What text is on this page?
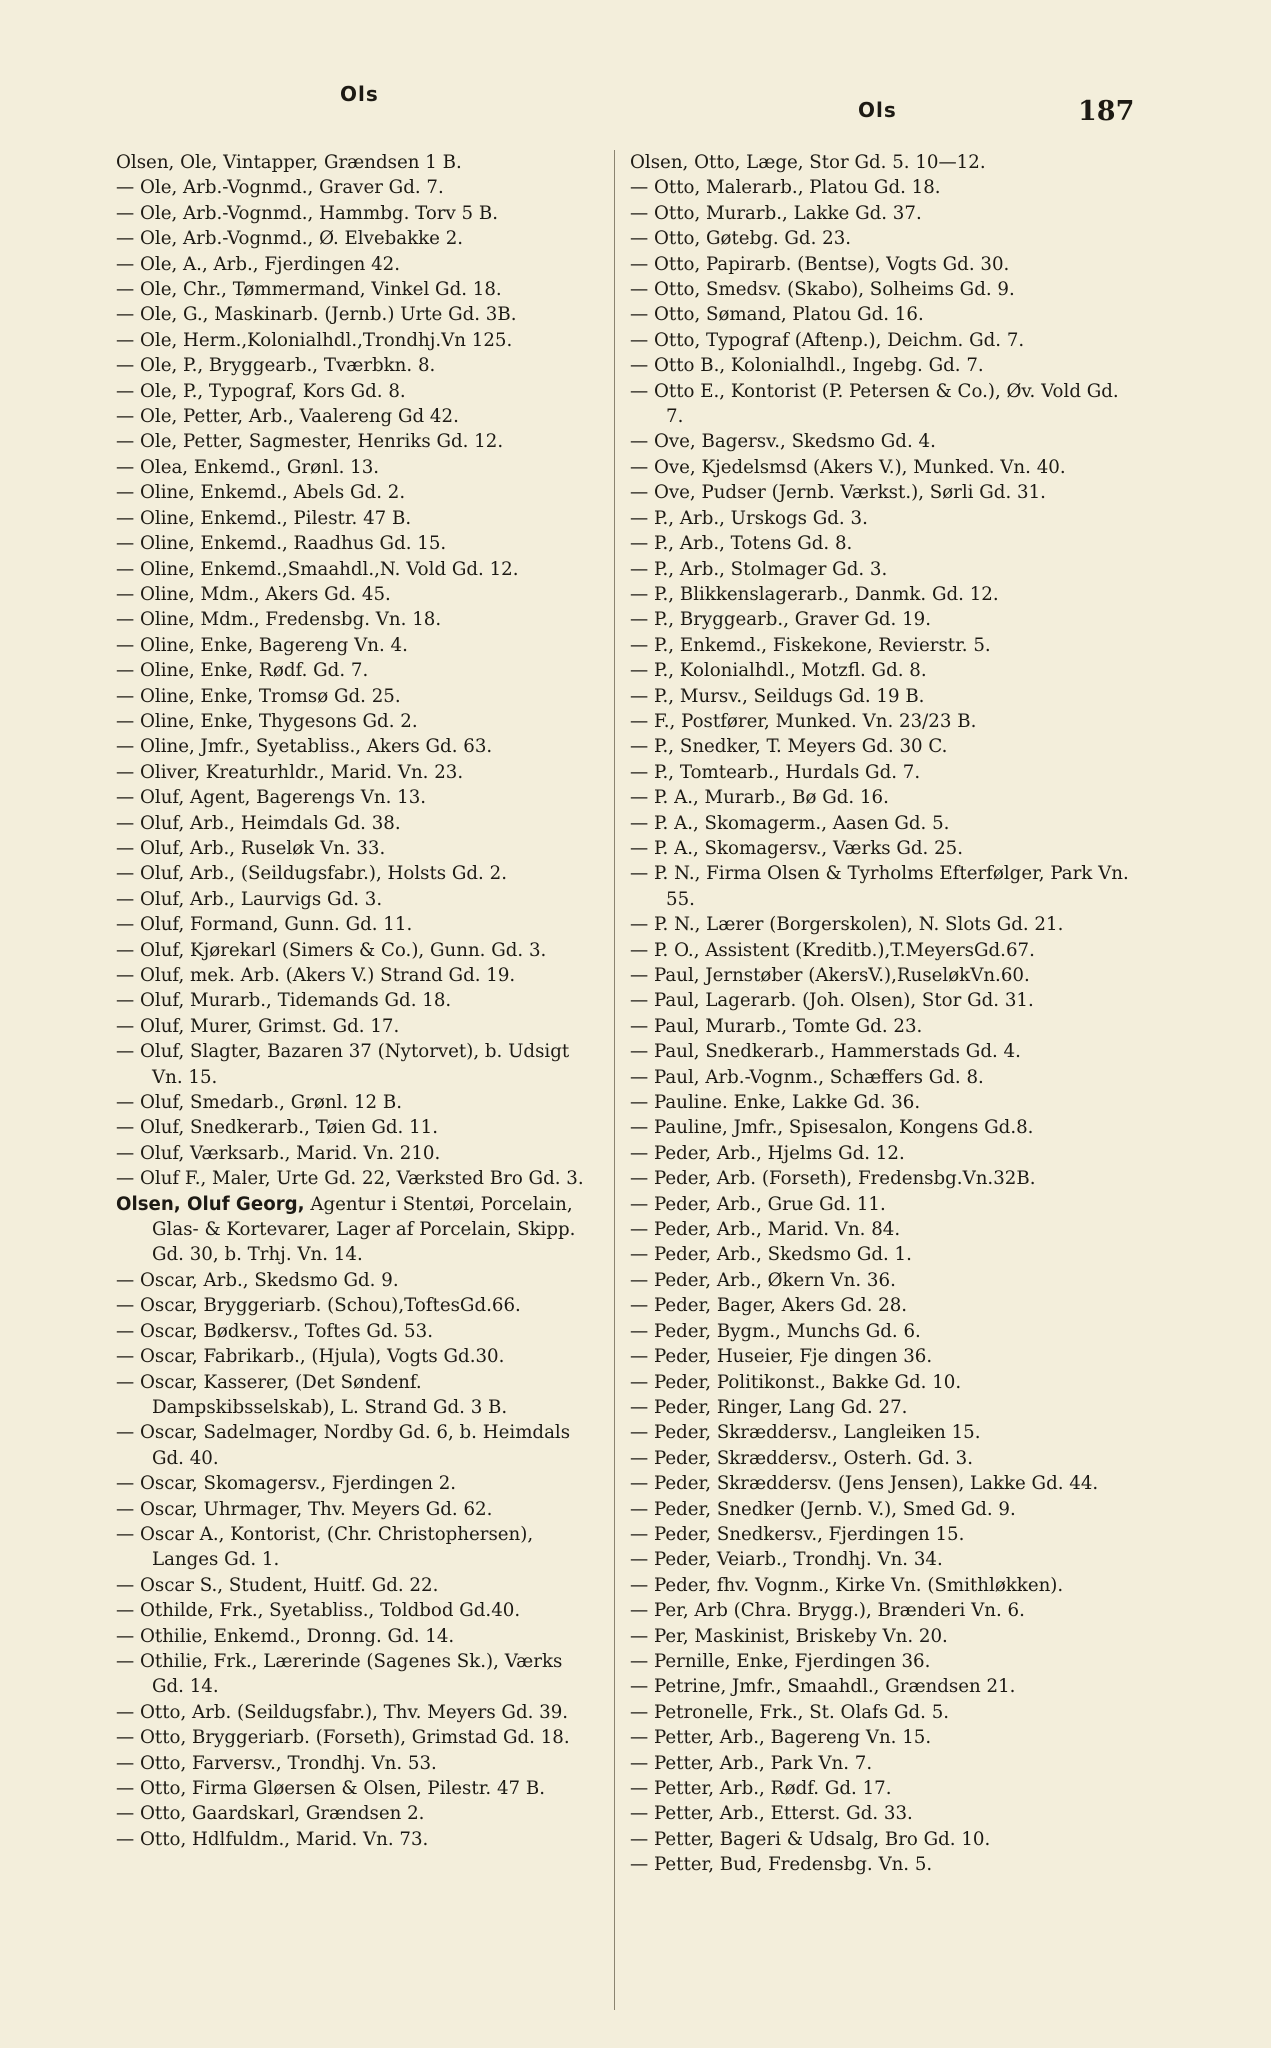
Ols
Ols	187

Olsen, Ole, Vintapper, Grændsen 1 B.

— Ole, Arb.-Vognmd., Graver Gd. 7.

— Ole, Arb.-Vognmd., Hammbg. Torv 5 B.

— Ole, Arb.-Vognmd., Ø. Elvebakke 2.

— Ole, A., Arb., Fjerdingen 42.

— Ole, Chr., Tømmermand, Vinkel Gd. 18.

— Ole, G., Maskinarb. (Jernb.) Urte Gd. 3B.

— Ole, Herm.,Kolonialhdl.,Trondhj.Vn 125.

— Ole, P., Bryggearb., Tværbkn. 8.

— Ole, P., Typograf, Kors Gd. 8.

— Ole, Petter, Arb., Vaalereng Gd 42.

— Ole, Petter, Sagmester, Henriks Gd. 12.

— Olea, Enkemd., Grønl. 13.

— Oline, Enkemd., Abels Gd. 2.

— Oline, Enkemd., Pilestr. 47 B.

— Oline, Enkemd., Raadhus Gd. 15.

— Oline, Enkemd.,Smaahdl.,N. Vold Gd. 12.

— Oline, Mdm., Akers Gd. 45.

— Oline, Mdm., Fredensbg. Vn. 18.

— Oline, Enke, Bagereng Vn. 4.

— Oline, Enke, Rødf. Gd. 7.

— Oline, Enke, Tromsø Gd. 25.

— Oline, Enke, Thygesons Gd. 2.

— Oline, Jmfr., Syetabliss., Akers Gd. 63.

— Oliver, Kreaturhldr., Marid. Vn. 23.

— Oluf, Agent, Bagerengs Vn. 13.

— Oluf, Arb., Heimdals Gd. 38.

— Oluf, Arb., Ruseløk Vn. 33.

— Oluf, Arb., (Seildugsfabr.), Holsts Gd. 2.

— Oluf, Arb., Laurvigs Gd. 3.

— Oluf, Formand, Gunn. Gd. 11.

— Oluf, Kjørekarl (Simers & Co.), Gunn. Gd. 3.

— Oluf, mek. Arb. (Akers V.) Strand Gd. 19.

— Oluf, Murarb., Tidemands Gd. 18.

— Oluf, Murer, Grimst. Gd. 17.

— Oluf, Slagter, Bazaren 37 (Nytorvet), b. Udsigt Vn. 15.

— Oluf, Smedarb., Grønl. 12 B.

— Oluf, Snedkerarb., Tøien Gd. 11.

— Oluf, Værksarb., Marid. Vn. 210.

— Oluf F., Maler, Urte Gd. 22, Værksted Bro Gd. 3.

Olsen, Oluf Georg, Agentur i Stentøi, Porcelain, Glas- & Kortevarer, Lager af Porcelain, Skipp. Gd. 30, b. Trhj. Vn. 14.

— Oscar, Arb., Skedsmo Gd. 9.

— Oscar, Bryggeriarb. (Schou),ToftesGd.66.

— Oscar, Bødkersv., Toftes Gd. 53.

— Oscar, Fabrikarb., (Hjula), Vogts Gd.30.

— Oscar, Kasserer, (Det Søndenf. Dampskibsselskab), L. Strand Gd. 3 B.

— Oscar, Sadelmager, Nordby Gd. 6, b. Heimdals Gd. 40.

— Oscar, Skomagersv., Fjerdingen 2.

— Oscar, Uhrmager, Thv. Meyers Gd. 62.

— Oscar A., Kontorist, (Chr. Christophersen), Langes Gd. 1.

— Oscar S., Student, Huitf. Gd. 22.

— Othilde, Frk., Syetabliss., Toldbod Gd.40.

— Othilie, Enkemd., Dronng. Gd. 14.

— Othilie, Frk., Lærerinde (Sagenes Sk.), Værks Gd. 14.

— Otto, Arb. (Seildugsfabr.), Thv. Meyers Gd. 39.

— Otto, Bryggeriarb. (Forseth), Grimstad Gd. 18.

— Otto, Farversv., Trondhj. Vn. 53.

— Otto, Firma Gløersen & Olsen, Pilestr. 47 B.

— Otto, Gaardskarl, Grændsen 2.

— Otto, Hdlfuldm., Marid. Vn. 73.

Olsen, Otto, Læge, Stor Gd. 5. 10—12.

— Otto, Malerarb., Platou Gd. 18.

— Otto, Murarb., Lakke Gd. 37.

— Otto, Gøtebg. Gd. 23.

— Otto, Papirarb. (Bentse), Vogts Gd. 30.

— Otto, Smedsv. (Skabo), Solheims Gd. 9.

— Otto, Sømand, Platou Gd. 16.

— Otto, Typograf (Aftenp.), Deichm. Gd. 7.

— Otto B., Kolonialhdl., Ingebg. Gd. 7.

— Otto E., Kontorist (P. Petersen & Co.), Øv. Vold Gd. 7.

— Ove, Bagersv., Skedsmo Gd. 4.

— Ove, Kjedelsmsd (Akers V.), Munked. Vn. 40.

— Ove, Pudser (Jernb. Værkst.), Sørli Gd. 31.

— P., Arb., Urskogs Gd. 3.

— P., Arb., Totens Gd. 8.

— P., Arb., Stolmager Gd. 3.

— P., Blikkenslagerarb., Danmk. Gd. 12.

— P., Bryggearb., Graver Gd. 19.

— P., Enkemd., Fiskekone, Revierstr. 5.

— P., Kolonialhdl., Motzfl. Gd. 8.

— P., Mursv., Seildugs Gd. 19 B.

— F., Postfører, Munked. Vn. 23/23 B.

— P., Snedker, T. Meyers Gd. 30 C.

— P., Tomtearb., Hurdals Gd. 7.

— P. A., Murarb., Bø Gd. 16.

— P. A., Skomagerm., Aasen Gd. 5.

— P. A., Skomagersv., Værks Gd. 25.

— P. N., Firma Olsen & Tyrholms Efterfølger, Park Vn. 55.

— P. N., Lærer (Borgerskolen), N. Slots Gd. 21.

— P. O., Assistent (Kreditb.),T.MeyersGd.67.

— Paul, Jernstøber (AkersV.),RuseløkVn.60.

— Paul, Lagerarb. (Joh. Olsen), Stor Gd. 31.

— Paul, Murarb., Tomte Gd. 23.

— Paul, Snedkerarb., Hammerstads Gd. 4.

— Paul, Arb.-Vognm., Schæffers Gd. 8.

— Pauline. Enke, Lakke Gd. 36.

— Pauline, Jmfr., Spisesalon, Kongens Gd.8.

— Peder, Arb., Hjelms Gd. 12.

— Peder, Arb. (Forseth), Fredensbg.Vn.32B.

— Peder, Arb., Grue Gd. 11.

— Peder, Arb., Marid. Vn. 84.

— Peder, Arb., Skedsmo Gd. 1.

— Peder, Arb., Økern Vn. 36.

— Peder, Bager, Akers Gd. 28.

— Peder, Bygm., Munchs Gd. 6.

— Peder, Huseier, Fje dingen 36.

— Peder, Politikonst., Bakke Gd. 10.

— Peder, Ringer, Lang Gd. 27.

— Peder, Skræddersv., Langleiken 15.

— Peder, Skræddersv., Osterh. Gd. 3.

— Peder, Skræddersv. (Jens Jensen), Lakke Gd. 44.

— Peder, Snedker (Jernb. V.), Smed Gd. 9.

— Peder, Snedkersv., Fjerdingen 15.

— Peder, Veiarb., Trondhj. Vn. 34.

— Peder, fhv. Vognm., Kirke Vn. (Smithløkken).

— Per, Arb (Chra. Brygg.), Brænderi Vn. 6.

— Per, Maskinist, Briskeby Vn. 20.

— Pernille, Enke, Fjerdingen 36.

— Petrine, Jmfr., Smaahdl., Grændsen 21.

— Petronelle, Frk., St. Olafs Gd. 5.

— Petter, Arb., Bagereng Vn. 15.

— Petter, Arb., Park Vn. 7.

— Petter, Arb., Rødf. Gd. 17.

— Petter, Arb., Etterst. Gd. 33.

— Petter, Bageri & Udsalg, Bro Gd. 10.

— Petter, Bud, Fredensbg. Vn. 5.
